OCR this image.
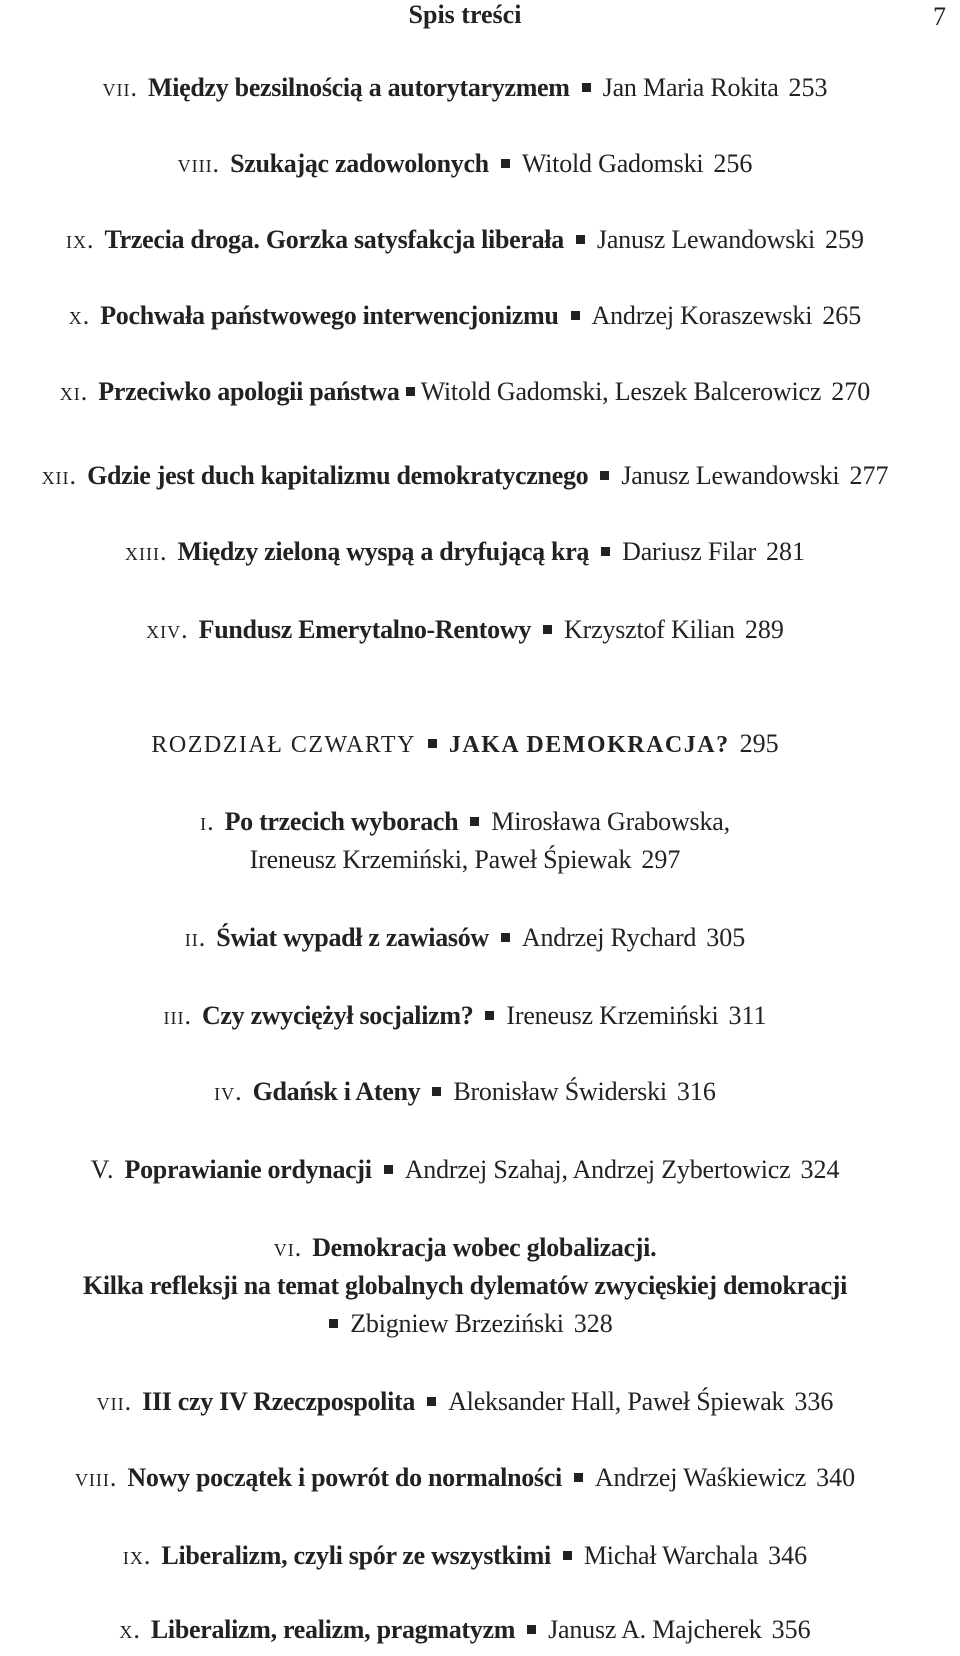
Spis treści	7
vii. Między bezsilnością a autorytaryzmem Jan Maria Rokita 253
viii. Szukając zadowolonych Witold Gadomski 256
ix. Trzecia droga. Gorzka satysfakcja liberała Janusz Lewandowski 259
x. Pochwała państwowego interwencjonizmu Andrzej Koraszewski 265
xi. Przeciwko apologii państwa Witold Gadomski, Leszek Balcerowicz 270
xii. Gdzie jest duch kapitalizmu demokratycznego Janusz Lewandowski 277
xiii. Między zieloną wyspą a dryfującą krą Dariusz Filar 281
xiv. Fundusz Emerytalno-Rentowy Krzysztof Kilian 289
ROZDZIAŁ CZWARTY JAKA DEMOKRACJA? 295
i. Po trzecich wyborach Mirosława Grabowska,
Ireneusz Krzemiński, Paweł Śpiewak 297
ii. Świat wypadł z zawiasów Andrzej Rychard 305
iii. Czy zwyciężył socjalizm? Ireneusz Krzemiński 311
iv. Gdańsk i Ateny Bronisław Świderski 316
V. Poprawianie ordynacji Andrzej Szahaj, Andrzej Zybertowicz 324
vi. Demokracja wobec globalizacji.
Kilka refleksji na temat globalnych dylematów zwycięskiej demokracji
Zbigniew Brzeziński 328
vii. III czy IV Rzeczpospolita Aleksander Hall, Paweł Śpiewak 336
viii. Nowy początek i powrót do normalności Andrzej Waśkiewicz 340
ix. Liberalizm, czyli spór ze wszystkimi Michał Warchala 346
x. Liberalizm, realizm, pragmatyzm Janusz A. Majcherek 356
